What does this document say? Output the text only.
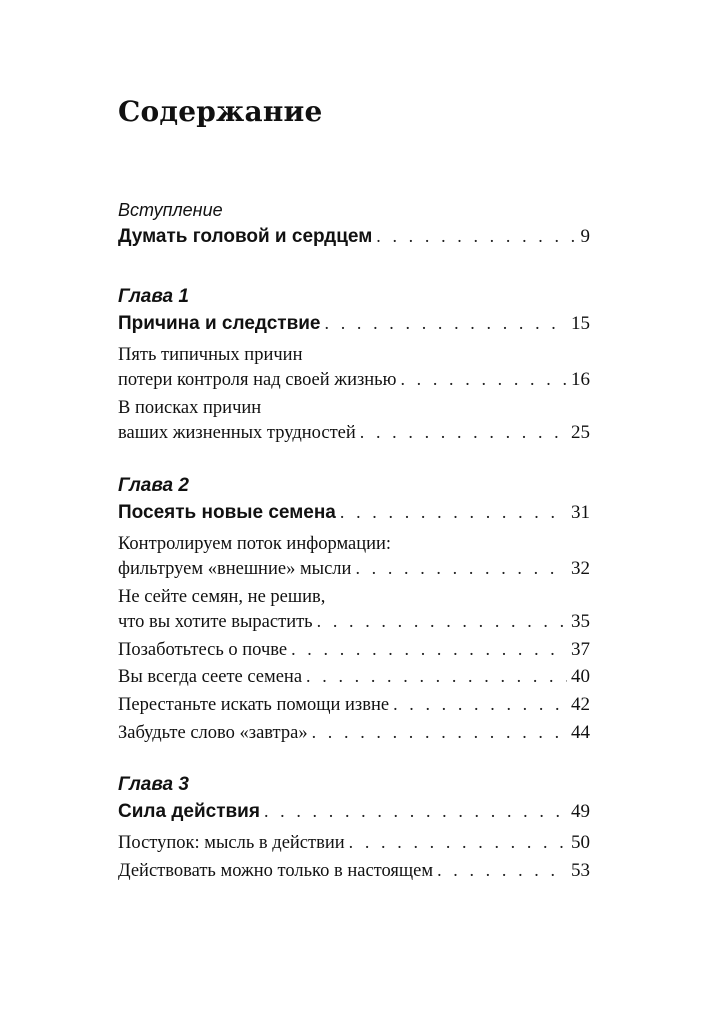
Содержание
Вступление
Думать головой и сердцем . . .	9
Глава 1
Причина и следствие . . .	15
Пять типичных причин
потери контроля над своей жизнью . . .	16
В поисках причин
ваших жизненных трудностей . . .	25
Глава 2
Посеять новые семена . . .	31
Контролируем поток информации:
фильтруем «внешние» мысли . . .	32
Не сейте семян, не решив,
что вы хотите вырастить . . .	35
Позаботьтесь о почве . . .	37
Вы всегда сеете семена . . .	40
Перестаньте искать помощи извне . . .	42
Забудьте слово «завтра» . . .	44
Глава 3
Сила действия . . .	49
Поступок: мысль в действии . . .	50
Действовать можно только в настоящем . . .	53
